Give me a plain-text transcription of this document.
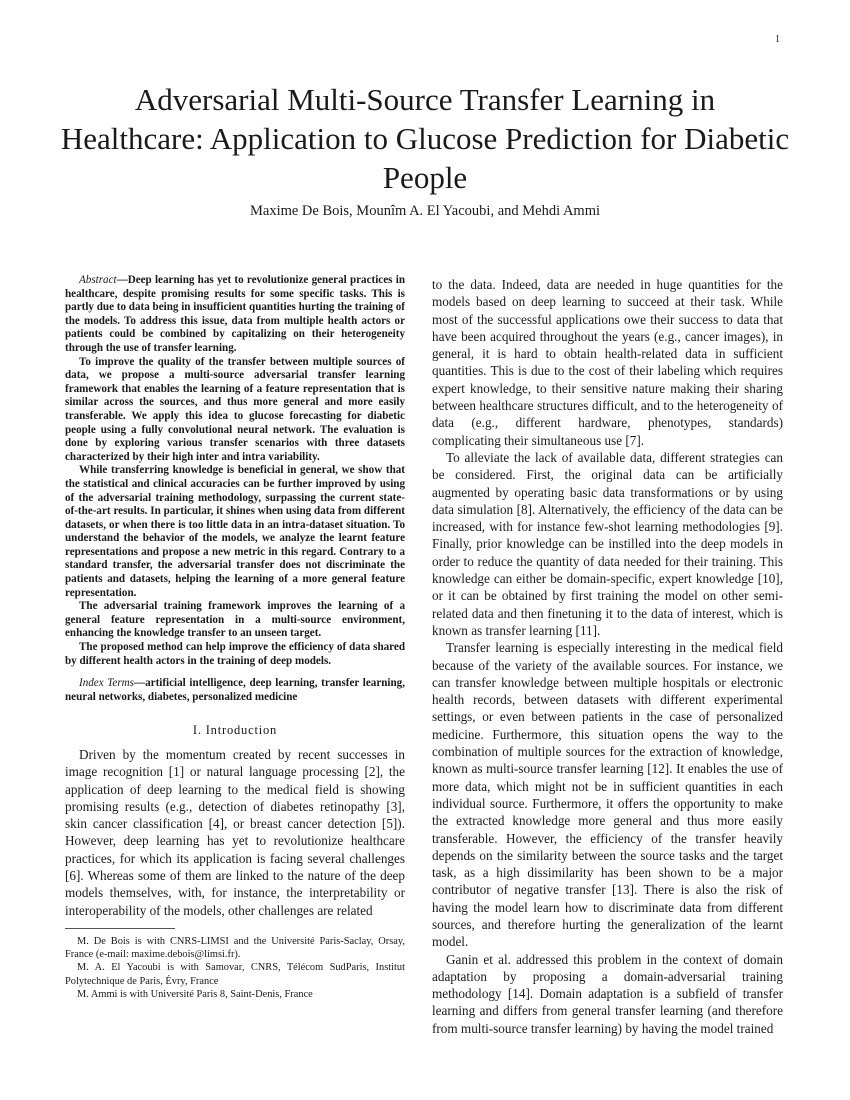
1
Adversarial Multi-Source Transfer Learning in Healthcare: Application to Glucose Prediction for Diabetic People
Maxime De Bois, Mounîm A. El Yacoubi, and Mehdi Ammi

Abstract—Deep learning has yet to revolutionize general practices in healthcare, despite promising results for some specific tasks. This is partly due to data being in insufficient quantities hurting the training of the models. To address this issue, data from multiple health actors or patients could be combined by capitalizing on their heterogeneity through the use of transfer learning.

To improve the quality of the transfer between multiple sources of data, we propose a multi-source adversarial transfer learning framework that enables the learning of a feature representation that is similar across the sources, and thus more general and more easily transferable. We apply this idea to glucose forecasting for diabetic people using a fully convolutional neural network. The evaluation is done by exploring various transfer scenarios with three datasets characterized by their high inter and intra variability.

While transferring knowledge is beneficial in general, we show that the statistical and clinical accuracies can be further improved by using of the adversarial training methodology, surpassing the current state-of-the-art results. In particular, it shines when using data from different datasets, or when there is too little data in an intra-dataset situation. To understand the behavior of the models, we analyze the learnt feature representations and propose a new metric in this regard. Contrary to a standard transfer, the adversarial transfer does not discriminate the patients and datasets, helping the learning of a more general feature representation.

The adversarial training framework improves the learning of a general feature representation in a multi-source environment, enhancing the knowledge transfer to an unseen target.

The proposed method can help improve the efficiency of data shared by different health actors in the training of deep models.

Index Terms—artificial intelligence, deep learning, transfer learning, neural networks, diabetes, personalized medicine

I. Introduction

Driven by the momentum created by recent successes in image recognition [1] or natural language processing [2], the application of deep learning to the medical field is showing promising results (e.g., detection of diabetes retinopathy [3], skin cancer classification [4], or breast cancer detection [5]). However, deep learning has yet to revolutionize healthcare practices, for which its application is facing several challenges [6]. Whereas some of them are linked to the nature of the deep models themselves, with, for instance, the interpretability or interoperability of the models, other challenges are related

M. De Bois is with CNRS-LIMSI and the Université Paris-Saclay, Orsay, France (e-mail: maxime.debois@limsi.fr).

M. A. El Yacoubi is with Samovar, CNRS, Télécom SudParis, Institut Polytechnique de Paris, Évry, France

M. Ammi is with Université Paris 8, Saint-Denis, France

to the data. Indeed, data are needed in huge quantities for the models based on deep learning to succeed at their task. While most of the successful applications owe their success to data that have been acquired throughout the years (e.g., cancer images), in general, it is hard to obtain health-related data in sufficient quantities. This is due to the cost of their labeling which requires expert knowledge, to their sensitive nature making their sharing between healthcare structures difficult, and to the heterogeneity of data (e.g., different hardware, phenotypes, standards) complicating their simultaneous use [7].

To alleviate the lack of available data, different strategies can be considered. First, the original data can be artificially augmented by operating basic data transformations or by using data simulation [8]. Alternatively, the efficiency of the data can be increased, with for instance few-shot learning methodologies [9]. Finally, prior knowledge can be instilled into the deep models in order to reduce the quantity of data needed for their training. This knowledge can either be domain-specific, expert knowledge [10], or it can be obtained by first training the model on other semi-related data and then finetuning it to the data of interest, which is known as transfer learning [11].

Transfer learning is especially interesting in the medical field because of the variety of the available sources. For instance, we can transfer knowledge between multiple hospitals or electronic health records, between datasets with different experimental settings, or even between patients in the case of personalized medicine. Furthermore, this situation opens the way to the combination of multiple sources for the extraction of knowledge, known as multi-source transfer learning [12]. It enables the use of more data, which might not be in sufficient quantities in each individual source. Furthermore, it offers the opportunity to make the extracted knowledge more general and thus more easily transferable. However, the efficiency of the transfer heavily depends on the similarity between the source tasks and the target task, as a high dissimilarity has been shown to be a major contributor of negative transfer [13]. There is also the risk of having the model learn how to discriminate data from different sources, and therefore hurting the generalization of the learnt model.

Ganin et al. addressed this problem in the context of domain adaptation by proposing a domain-adversarial training methodology [14]. Domain adaptation is a subfield of transfer learning and differs from general transfer learning (and therefore from multi-source transfer learning) by having the model trained
